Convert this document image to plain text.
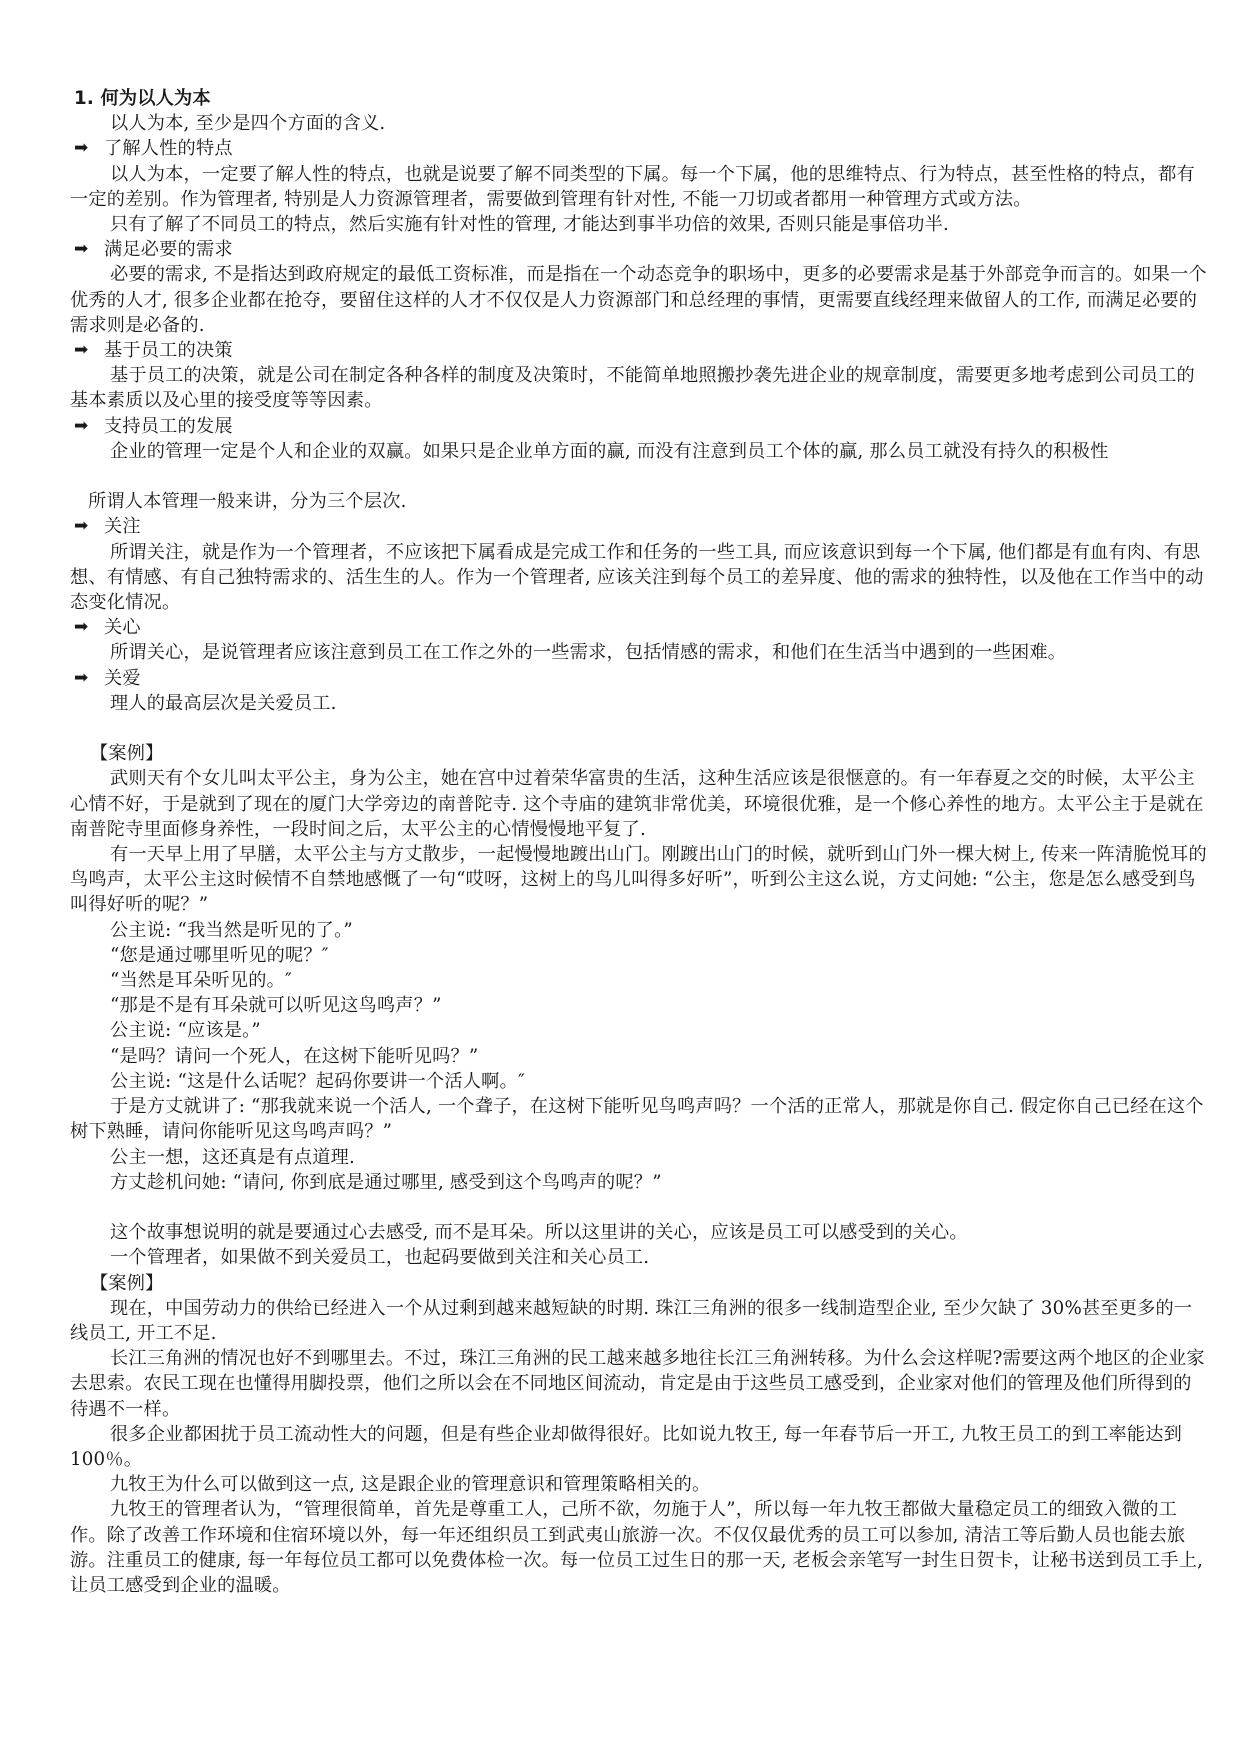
1. 何为以人为本

以人为本, 至少是四个方面的含义.

➡ 了解人性的特点

以人为本，一定要了解人性的特点，也就是说要了解不同类型的下属。每一个下属，他的思维特点、行为特点，甚至性格的特点，都有一定的差别。作为管理者, 特别是人力资源管理者，需要做到管理有针对性, 不能一刀切或者都用一种管理方式或方法。

只有了解了不同员工的特点，然后实施有针对性的管理, 才能达到事半功倍的效果, 否则只能是事倍功半.

➡ 满足必要的需求

必要的需求, 不是指达到政府规定的最低工资标准，而是指在一个动态竞争的职场中，更多的必要需求是基于外部竞争而言的。如果一个优秀的人才, 很多企业都在抢夺，要留住这样的人才不仅仅是人力资源部门和总经理的事情，更需要直线经理来做留人的工作, 而满足必要的需求则是必备的.

➡ 基于员工的决策

基于员工的决策，就是公司在制定各种各样的制度及决策时，不能简单地照搬抄袭先进企业的规章制度，需要更多地考虑到公司员工的基本素质以及心里的接受度等等因素。

➡ 支持员工的发展

企业的管理一定是个人和企业的双赢。如果只是企业单方面的赢, 而没有注意到员工个体的赢, 那么员工就没有持久的积极性

所谓人本管理一般来讲，分为三个层次.

➡ 关注

所谓关注，就是作为一个管理者，不应该把下属看成是完成工作和任务的一些工具, 而应该意识到每一个下属, 他们都是有血有肉、有思想、有情感、有自己独特需求的、活生生的人。作为一个管理者, 应该关注到每个员工的差异度、他的需求的独特性，以及他在工作当中的动态变化情况。

➡ 关心

所谓关心，是说管理者应该注意到员工在工作之外的一些需求，包括情感的需求，和他们在生活当中遇到的一些困难。

➡ 关爱

理人的最高层次是关爱员工.

【案例】

武则天有个女儿叫太平公主，身为公主，她在宫中过着荣华富贵的生活，这种生活应该是很惬意的。有一年春夏之交的时候，太平公主心情不好，于是就到了现在的厦门大学旁边的南普陀寺. 这个寺庙的建筑非常优美，环境很优雅，是一个修心养性的地方。太平公主于是就在南普陀寺里面修身养性，一段时间之后，太平公主的心情慢慢地平复了.

有一天早上用了早膳，太平公主与方丈散步，一起慢慢地踱出山门。刚踱出山门的时候，就听到山门外一棵大树上, 传来一阵清脆悦耳的鸟鸣声，太平公主这时候情不自禁地感慨了一句“哎呀，这树上的鸟儿叫得多好听”，听到公主这么说，方丈问她: “公主，您是怎么感受到鸟叫得好听的呢？”

公主说: “我当然是听见的了。”

“您是通过哪里听见的呢？″

“当然是耳朵听见的。″

“那是不是有耳朵就可以听见这鸟鸣声？”

公主说: “应该是。”

“是吗？请问一个死人，在这树下能听见吗？”

公主说: “这是什么话呢？起码你要讲一个活人啊。″

于是方丈就讲了: “那我就来说一个活人, 一个聋子，在这树下能听见鸟鸣声吗？一个活的正常人，那就是你自己. 假定你自己已经在这个树下熟睡，请问你能听见这鸟鸣声吗？”

公主一想，这还真是有点道理.

方丈趁机问她: “请问, 你到底是通过哪里, 感受到这个鸟鸣声的呢？”

这个故事想说明的就是要通过心去感受, 而不是耳朵。所以这里讲的关心，应该是员工可以感受到的关心。

一个管理者，如果做不到关爱员工，也起码要做到关注和关心员工.

【案例】

现在，中国劳动力的供给已经进入一个从过剩到越来越短缺的时期. 珠江三角洲的很多一线制造型企业, 至少欠缺了 30%甚至更多的一线员工, 开工不足.

长江三角洲的情况也好不到哪里去。不过，珠江三角洲的民工越来越多地往长江三角洲转移。为什么会这样呢?需要这两个地区的企业家去思索。农民工现在也懂得用脚投票，他们之所以会在不同地区间流动，肯定是由于这些员工感受到，企业家对他们的管理及他们所得到的待遇不一样。

很多企业都困扰于员工流动性大的问题，但是有些企业却做得很好。比如说九牧王, 每一年春节后一开工, 九牧王员工的到工率能达到 100％。

九牧王为什么可以做到这一点, 这是跟企业的管理意识和管理策略相关的。

九牧王的管理者认为，“管理很简单，首先是尊重工人，己所不欲，勿施于人”，所以每一年九牧王都做大量稳定员工的细致入微的工作。除了改善工作环境和住宿环境以外，每一年还组织员工到武夷山旅游一次。不仅仅最优秀的员工可以参加, 清洁工等后勤人员也能去旅游。注重员工的健康, 每一年每位员工都可以免费体检一次。每一位员工过生日的那一天, 老板会亲笔写一封生日贺卡，让秘书送到员工手上, 让员工感受到企业的温暖。
